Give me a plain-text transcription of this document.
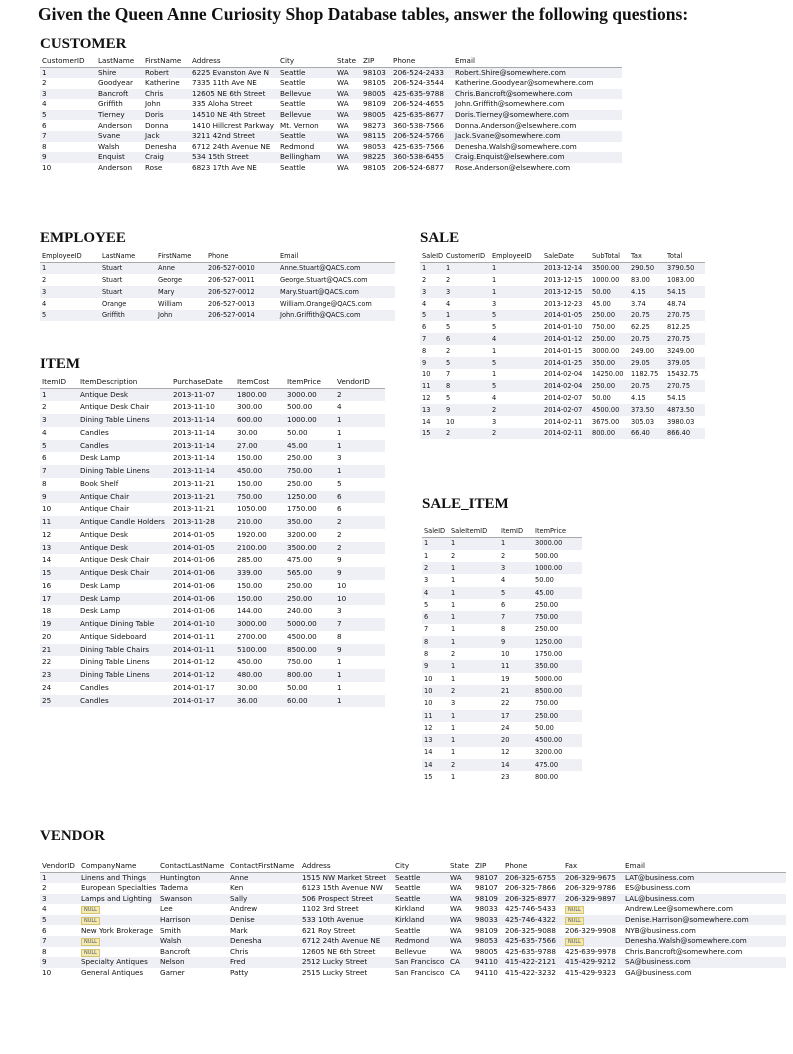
Given the Queen Anne Curiosity Shop Database tables, answer the following questions:
CUSTOMER
CustomerID	LastName	FirstName	Address	City	State	ZIP	Phone	Email
1	Shire	Robert	6225 Evanston Ave N	Seattle	WA	98103	206-524-2433	Robert.Shire@somewhere.com
2	Goodyear	Katherine	7335 11th Ave NE	Seattle	WA	98105	206-524-3544	Katherine.Goodyear@somewhere.com
3	Bancroft	Chris	12605 NE 6th Street	Bellevue	WA	98005	425-635-9788	Chris.Bancroft@somewhere.com
4	Griffith	John	335 Aloha Street	Seattle	WA	98109	206-524-4655	John.Griffith@somewhere.com
5	Tierney	Doris	14510 NE 4th Street	Bellevue	WA	98005	425-635-8677	Doris.Tierney@somewhere.com
6	Anderson	Donna	1410 Hillcrest Parkway	Mt. Vernon	WA	98273	360-538-7566	Donna.Anderson@elsewhere.com
7	Svane	Jack	3211 42nd Street	Seattle	WA	98115	206-524-5766	Jack.Svane@somewhere.com
8	Walsh	Denesha	6712 24th Avenue NE	Redmond	WA	98053	425-635-7566	Denesha.Walsh@somewhere.com
9	Enquist	Craig	534 15th Street	Bellingham	WA	98225	360-538-6455	Craig.Enquist@elsewhere.com
10	Anderson	Rose	6823 17th Ave NE	Seattle	WA	98105	206-524-6877	Rose.Anderson@elsewhere.com
EMPLOYEE
EmployeeID	LastName	FirstName	Phone	Email
1	Stuart	Anne	206-527-0010	Anne.Stuart@QACS.com
2	Stuart	George	206-527-0011	George.Stuart@QACS.com
3	Stuart	Mary	206-527-0012	Mary.Stuart@QACS.com
4	Orange	William	206-527-0013	William.Orange@QACS.com
5	Griffith	John	206-527-0014	John.Griffith@QACS.com
ITEM
ItemID	ItemDescription	PurchaseDate	ItemCost	ItemPrice	VendorID
1	Antique Desk	2013-11-07	1800.00	3000.00	2
2	Antique Desk Chair	2013-11-10	300.00	500.00	4
3	Dining Table Linens	2013-11-14	600.00	1000.00	1
4	Candles	2013-11-14	30.00	50.00	1
5	Candles	2013-11-14	27.00	45.00	1
6	Desk Lamp	2013-11-14	150.00	250.00	3
7	Dining Table Linens	2013-11-14	450.00	750.00	1
8	Book Shelf	2013-11-21	150.00	250.00	5
9	Antique Chair	2013-11-21	750.00	1250.00	6
10	Antique Chair	2013-11-21	1050.00	1750.00	6
11	Antique Candle Holders	2013-11-28	210.00	350.00	2
12	Antique Desk	2014-01-05	1920.00	3200.00	2
13	Antique Desk	2014-01-05	2100.00	3500.00	2
14	Antique Desk Chair	2014-01-06	285.00	475.00	9
15	Antique Desk Chair	2014-01-06	339.00	565.00	9
16	Desk Lamp	2014-01-06	150.00	250.00	10
17	Desk Lamp	2014-01-06	150.00	250.00	10
18	Desk Lamp	2014-01-06	144.00	240.00	3
19	Antique Dining Table	2014-01-10	3000.00	5000.00	7
20	Antique Sideboard	2014-01-11	2700.00	4500.00	8
21	Dining Table Chairs	2014-01-11	5100.00	8500.00	9
22	Dining Table Linens	2014-01-12	450.00	750.00	1
23	Dining Table Linens	2014-01-12	480.00	800.00	1
24	Candles	2014-01-17	30.00	50.00	1
25	Candles	2014-01-17	36.00	60.00	1
SALE
SaleID	CustomerID	EmployeeID	SaleDate	SubTotal	Tax	Total
1	1	1	2013-12-14	3500.00	290.50	3790.50
2	2	1	2013-12-15	1000.00	83.00	1083.00
3	3	1	2013-12-15	50.00	4.15	54.15
4	4	3	2013-12-23	45.00	3.74	48.74
5	1	5	2014-01-05	250.00	20.75	270.75
6	5	5	2014-01-10	750.00	62.25	812.25
7	6	4	2014-01-12	250.00	20.75	270.75
8	2	1	2014-01-15	3000.00	249.00	3249.00
9	5	5	2014-01-25	350.00	29.05	379.05
10	7	1	2014-02-04	14250.00	1182.75	15432.75
11	8	5	2014-02-04	250.00	20.75	270.75
12	5	4	2014-02-07	50.00	4.15	54.15
13	9	2	2014-02-07	4500.00	373.50	4873.50
14	10	3	2014-02-11	3675.00	305.03	3980.03
15	2	2	2014-02-11	800.00	66.40	866.40
SALE_ITEM
SaleID	SaleItemID	ItemID	ItemPrice
1	1	1	3000.00
1	2	2	500.00
2	1	3	1000.00
3	1	4	50.00
4	1	5	45.00
5	1	6	250.00
6	1	7	750.00
7	1	8	250.00
8	1	9	1250.00
8	2	10	1750.00
9	1	11	350.00
10	1	19	5000.00
10	2	21	8500.00
10	3	22	750.00
11	1	17	250.00
12	1	24	50.00
13	1	20	4500.00
14	1	12	3200.00
14	2	14	475.00
15	1	23	800.00
VENDOR
VendorID	CompanyName	ContactLastName	ContactFirstName	Address	City	State	ZIP	Phone	Fax	Email
1	Linens and Things	Huntington	Anne	1515 NW Market Street	Seattle	WA	98107	206-325-6755	206-329-9675	LAT@business.com
2	European Specialties	Tadema	Ken	6123 15th Avenue NW	Seattle	WA	98107	206-325-7866	206-329-9786	ES@business.com
3	Lamps and Lighting	Swanson	Sally	506 Prospect Street	Seattle	WA	98109	206-325-8977	206-329-9897	LAL@business.com
4	NULL	Lee	Andrew	1102 3rd Street	Kirkland	WA	98033	425-746-5433	NULL	Andrew.Lee@somewhere.com
5	NULL	Harrison	Denise	533 10th Avenue	Kirkland	WA	98033	425-746-4322	NULL	Denise.Harrison@somewhere.com
6	New York Brokerage	Smith	Mark	621 Roy Street	Seattle	WA	98109	206-325-9088	206-329-9908	NYB@business.com
7	NULL	Walsh	Denesha	6712 24th Avenue NE	Redmond	WA	98053	425-635-7566	NULL	Denesha.Walsh@somewhere.com
8	NULL	Bancroft	Chris	12605 NE 6th Street	Bellevue	WA	98005	425-635-9788	425-639-9978	Chris.Bancroft@somewhere.com
9	Specialty Antiques	Nelson	Fred	2512 Lucky Street	San Francisco	CA	94110	415-422-2121	415-429-9212	SA@business.com
10	General Antiques	Garner	Patty	2515 Lucky Street	San Francisco	CA	94110	415-422-3232	415-429-9323	GA@business.com
